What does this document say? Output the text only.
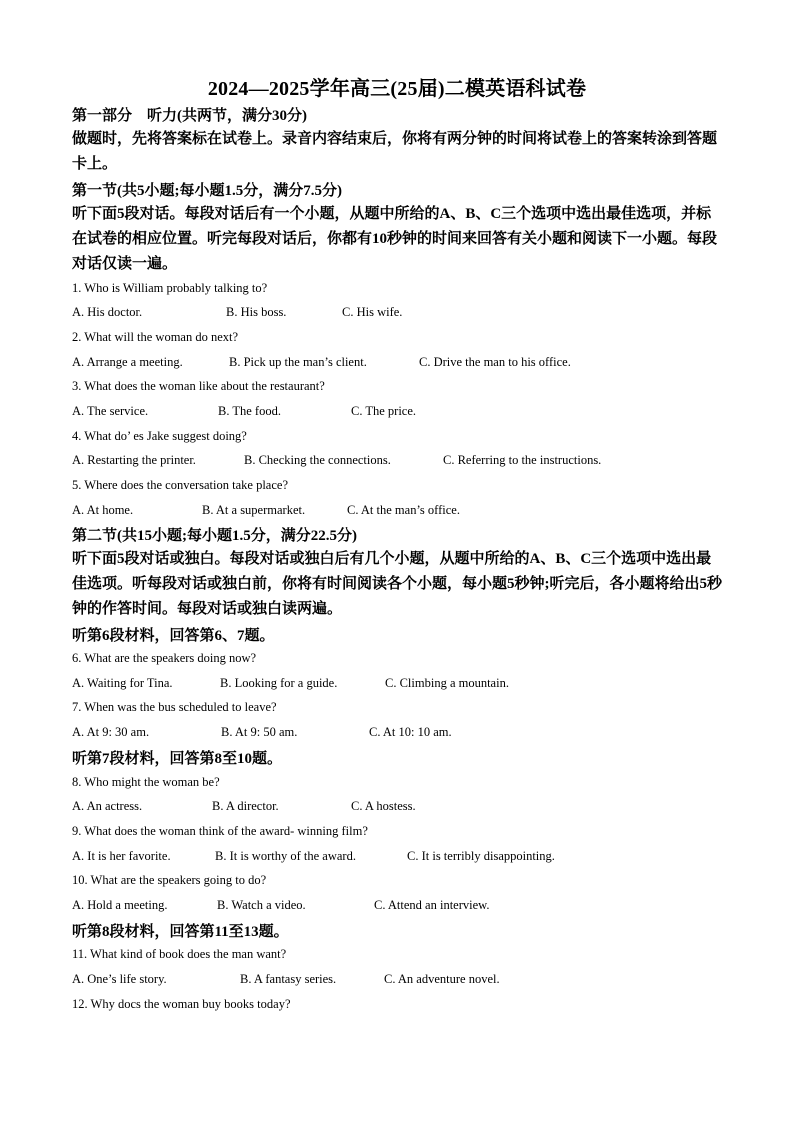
2024—2025学年高三(25届)二模英语科试卷
第一部分　听力(共两节，满分30分)
做题时，先将答案标在试卷上。录音内容结束后，你将有两分钟的时间将试卷上的答案转涂到答题卡上。
第一节(共5小题;每小题1.5分，满分7.5分)
听下面5段对话。每段对话后有一个小题，从题中所给的A、B、C三个选项中选出最佳选项，并标在试卷的相应位置。听完每段对话后，你都有10秒钟的时间来回答有关小题和阅读下一小题。每段对话仅读一遍。
1. Who is William probably talking to?
A. His doctor.	B. His boss.	C. His wife.
2. What will the woman do next?
A. Arrange a meeting.	B. Pick up the man’s client.	C. Drive the man to his office.
3. What does the woman like about the restaurant?
A. The service.	B. The food.	C. The price.
4. What do’ es Jake suggest doing?
A. Restarting the printer.	B. Checking the connections.	C. Referring to the instructions.
5. Where does the conversation take place?
A. At home.	B. At a supermarket.	C. At the man’s office.
第二节(共15小题;每小题1.5分，满分22.5分)
听下面5段对话或独白。每段对话或独白后有几个小题，从题中所给的A、B、C三个选项中选出最佳选项。听每段对话或独白前，你将有时间阅读各个小题，每小题5秒钟;听完后，各小题将给出5秒钟的作答时间。每段对话或独白读两遍。
听第6段材料，回答第6、7题。
6. What are the speakers doing now?
A. Waiting for Tina.	B. Looking for a guide.	C. Climbing a mountain.
7. When was the bus scheduled to leave?
A. At 9: 30 am.	B. At 9: 50 am.	C. At 10: 10 am.
听第7段材料，回答第8至10题。
8. Who might the woman be?
A. An actress.	B. A director.	C. A hostess.
9. What does the woman think of the award- winning film?
A. It is her favorite.	B. It is worthy of the award.	C. It is terribly disappointing.
10. What are the speakers going to do?
A. Hold a meeting.	B. Watch a video.	C. Attend an interview.
听第8段材料，回答第11至13题。
11. What kind of book does the man want?
A. One’s life story.	B. A fantasy series.	C. An adventure novel.
12. Why docs the woman buy books today?
